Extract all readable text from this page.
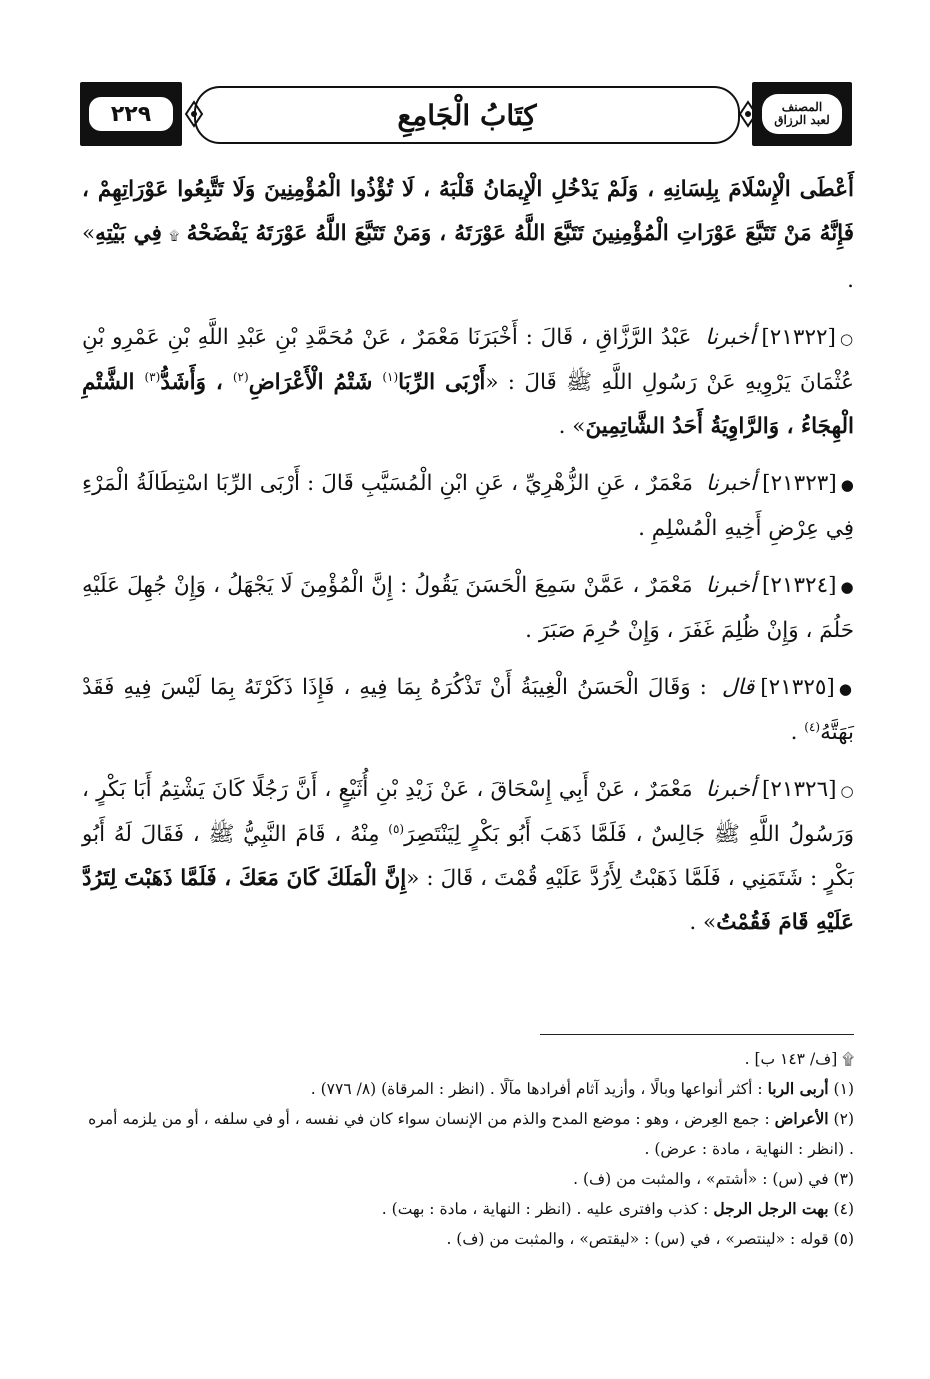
٢٢٩	كِتَابُ الْجَامِعِ	المصنف
لعبد الرزاق

أَعْطَى الْإِسْلَامَ بِلِسَانِهِ ، وَلَمْ يَدْخُلِ الْإِيمَانُ قَلْبَهُ ، لَا تُؤْذُوا الْمُؤْمِنِينَ وَلَا تَتَّبِعُوا عَوْرَاتِهِمْ ، فَإِنَّهُ مَنْ تَتَبَّعَ عَوْرَاتِ الْمُؤْمِنِينَ تَتَبَّعَ اللَّهُ عَوْرَتَهُ ، وَمَنْ تَتَبَّعَ اللَّهُ عَوْرَتَهُ يَفْضَحْهُ ۩ فِي بَيْتِهِ» .

○[٢١٣٢٢]أخبرنا عَبْدُ الرَّزَّاقِ ، قَالَ : أَخْبَرَنَا مَعْمَرٌ ، عَنْ مُحَمَّدِ بْنِ عَبْدِ اللَّهِ بْنِ عَمْرِو بْنِ عُثْمَانَ يَرْوِيهِ عَنْ رَسُولِ اللَّهِ ﷺ قَالَ : «أَرْبَى الرِّبَا$^{(١)}$ شَتْمُ الْأَعْرَاضِ$^{(٢)}$ ، وَأَشَدُّ$^{(٣)}$ الشَّتْمِ الْهِجَاءُ ، وَالرَّاوِيَةُ أَحَدُ الشَّاتِمِينَ» .

●[٢١٣٢٣]أخبرنا مَعْمَرٌ ، عَنِ الزُّهْرِيِّ ، عَنِ ابْنِ الْمُسَيَّبِ قَالَ : أَرْبَى الرِّبَا اسْتِطَالَةُ الْمَرْءِ فِي عِرْضِ أَخِيهِ الْمُسْلِمِ .

●[٢١٣٢٤]أخبرنا مَعْمَرٌ ، عَمَّنْ سَمِعَ الْحَسَنَ يَقُولُ : إِنَّ الْمُؤْمِنَ لَا يَجْهَلُ ، وَإِنْ جُهِلَ عَلَيْهِ حَلُمَ ، وَإِنْ ظُلِمَ غَفَرَ ، وَإِنْ حُرِمَ صَبَرَ .

●[٢١٣٢٥]قال : وَقَالَ الْحَسَنُ الْغِيبَةُ أَنْ تَذْكُرَهُ بِمَا فِيهِ ، فَإِذَا ذَكَرْتَهُ بِمَا لَيْسَ فِيهِ فَقَدْ بَهَتَّهُ$^{(٤)}$ .

○[٢١٣٢٦]أخبرنا مَعْمَرٌ ، عَنْ أَبِي إِسْحَاقَ ، عَنْ زَيْدِ بْنِ أُثَيْعٍ ، أَنَّ رَجُلًا كَانَ يَشْتِمُ أَبَا بَكْرٍ ، وَرَسُولُ اللَّهِ ﷺ جَالِسٌ ، فَلَمَّا ذَهَبَ أَبُو بَكْرٍ لِيَنْتَصِرَ$^{(٥)}$ مِنْهُ ، قَامَ النَّبِيُّ ﷺ ، فَقَالَ لَهُ أَبُو بَكْرٍ : شَتَمَنِي ، فَلَمَّا ذَهَبْتُ لِأَرُدَّ عَلَيْهِ قُمْتَ ، قَالَ : «إِنَّ الْمَلَكَ كَانَ مَعَكَ ، فَلَمَّا ذَهَبْتَ لِتَرُدَّ عَلَيْهِ قَامَ فَقُمْتُ» .

۩ [ف/ ١٤٣ ب] .

(١) أربى الربا : أكثر أنواعها وبالًا ، وأزيد آثام أفرادها مآلًا . (انظر : المرقاة) (٨/ ٧٧٦) .

(٢) الأعراض : جمع العِرض ، وهو : موضع المدح والذم من الإنسان سواء كان في نفسه ، أو في سلفه ، أو من يلزمه أمره . (انظر : النهاية ، مادة : عرض) .

(٣) في (س) : «أشتم» ، والمثبت من (ف) .

(٤) بهت الرجل الرجل : كذب وافترى عليه . (انظر : النهاية ، مادة : بهت) .

(٥) قوله : «لينتصر» ، في (س) : «ليقتص» ، والمثبت من (ف) .
